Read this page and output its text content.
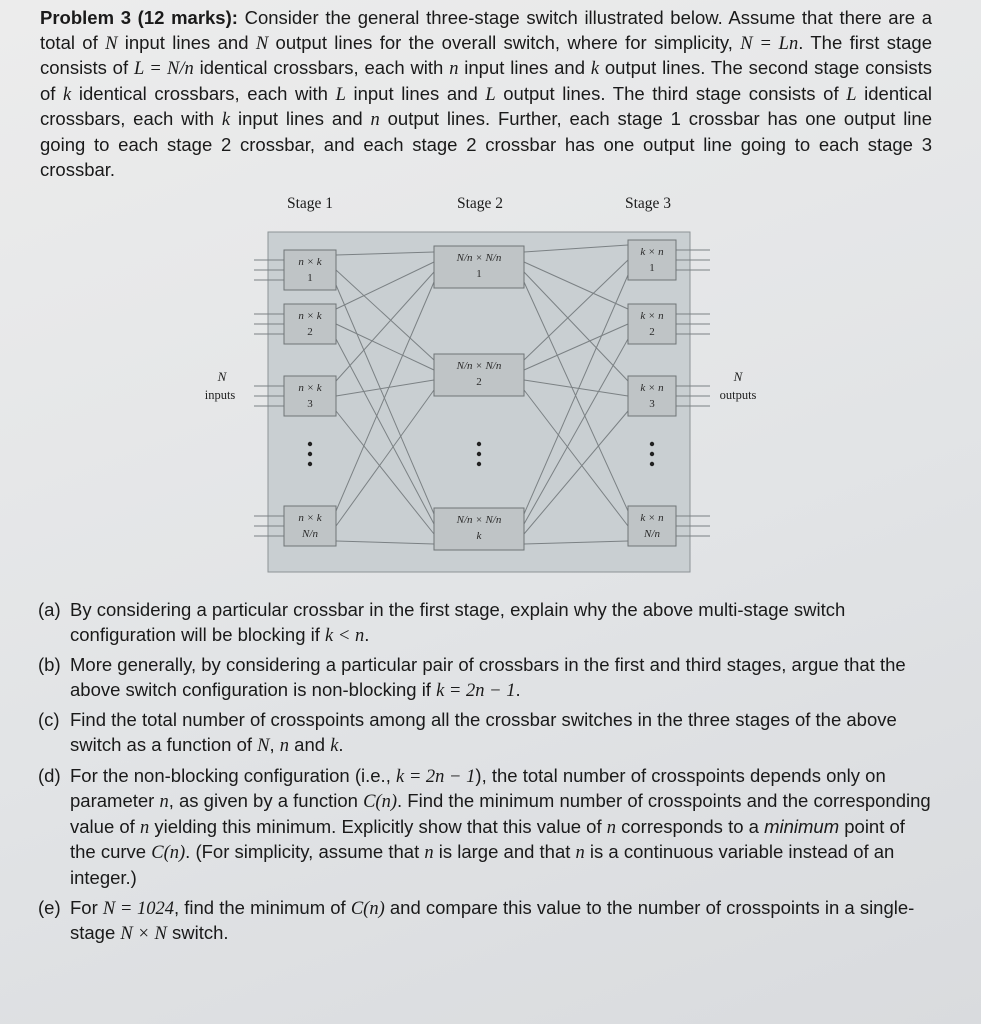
Problem 3 (12 marks): Consider the general three-stage switch illustrated below. Assume that there are a total of N input lines and N output lines for the overall switch, where for simplicity, N = Ln. The first stage consists of L = N/n identical crossbars, each with n input lines and k output lines. The second stage consists of k identical crossbars, each with L input lines and L output lines. The third stage consists of L identical crossbars, each with k input lines and n output lines. Further, each stage 1 crossbar has one output line going to each stage 2 crossbar, and each stage 2 crossbar has one output line going to each stage 3 crossbar.

Stage 1	Stage 2	Stage 3
n × k
1
n × k
2
n × k
3
n × k
N/n
N/n × N/n
1
N/n × N/n
2
N/n × N/n
k
k × n
1
k × n
2
k × n
3
k × n
N/n
N
inputs
N
outputs
(a) By considering a particular crossbar in the first stage, explain why the above multi-stage switch configuration will be blocking if k < n.
(b) More generally, by considering a particular pair of crossbars in the first and third stages, argue that the above switch configuration is non-blocking if k = 2n − 1.
(c) Find the total number of crosspoints among all the crossbar switches in the three stages of the above switch as a function of N, n and k.
(d) For the non-blocking configuration (i.e., k = 2n − 1), the total number of crosspoints depends only on parameter n, as given by a function C(n). Find the minimum number of crosspoints and the corresponding value of n yielding this minimum. Explicitly show that this value of n corresponds to a minimum point of the curve C(n). (For simplicity, assume that n is large and that n is a continuous variable instead of an integer.)
(e) For N = 1024, find the minimum of C(n) and compare this value to the number of crosspoints in a single-stage N × N switch.
